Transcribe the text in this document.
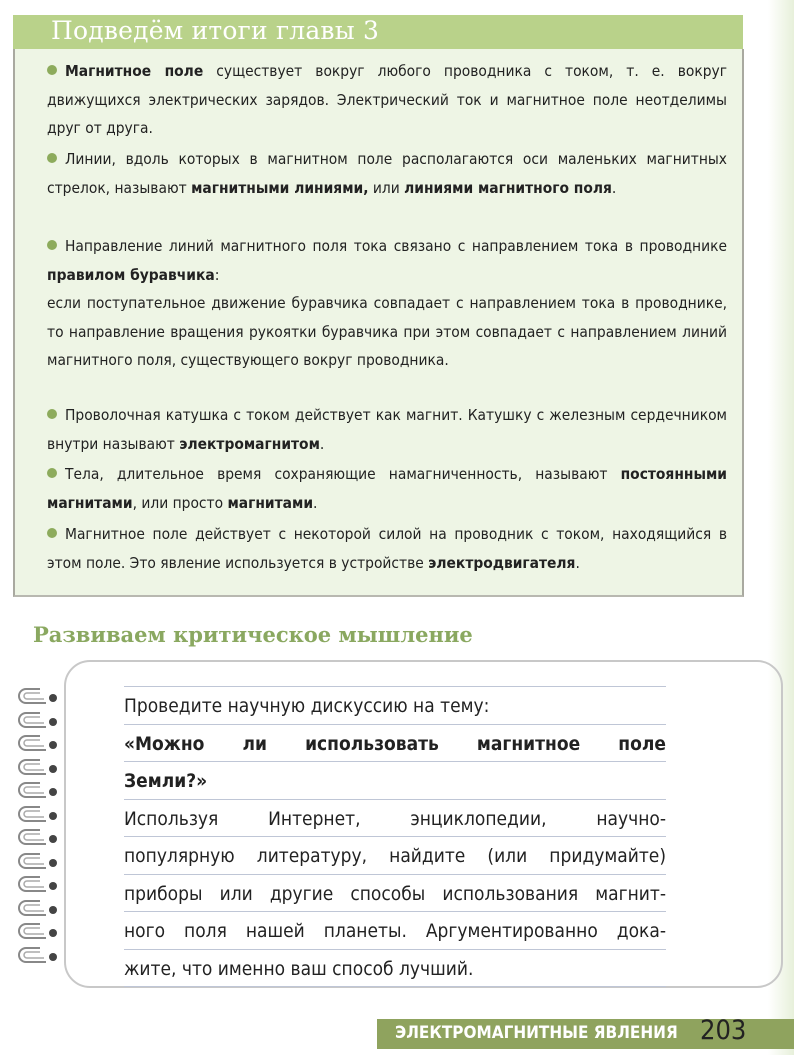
Подведём итоги главы 3
Магнитное поле существует вокруг любого проводника с током, т. е. вокруг движущихся электрических зарядов. Электрический ток и магнитное поле неотделимы друг от друга.
Линии, вдоль которых в магнитном поле располагаются оси маленьких магнитных стрелок, называют магнитными линиями, или линиями магнитного поля.
Направление линий магнитного поля тока связано с направлением тока в проводнике правилом буравчика:
если поступательное движение буравчика совпадает с направлением тока в проводнике, то направление вращения рукоятки буравчика при этом совпадает с направлением линий магнитного поля, существующего вокруг проводника.
Проволочная катушка с током действует как магнит. Катушку с железным сердечником внутри называют электромагнитом.
Тела, длительное время сохраняющие намагниченность, называют постоянными магнитами, или просто магнитами.
Магнитное поле действует с некоторой силой на проводник с током, находящийся в этом поле. Это явление используется в устройстве электродвигателя.
Развиваем критическое мышление
ЭЛЕКТРОМАГНИТНЫЕ ЯВЛЕНИЯ 203
Проведите научную дискуссию на тему:
«Можно ли использовать магнитное поле
Земли?»
Используя Интернет, энциклопедии, научно-
популярную литературу, найдите (или придумайте)
приборы или другие способы использования магнит-
ного поля нашей планеты. Аргументированно дока-
жите, что именно ваш способ лучший.
